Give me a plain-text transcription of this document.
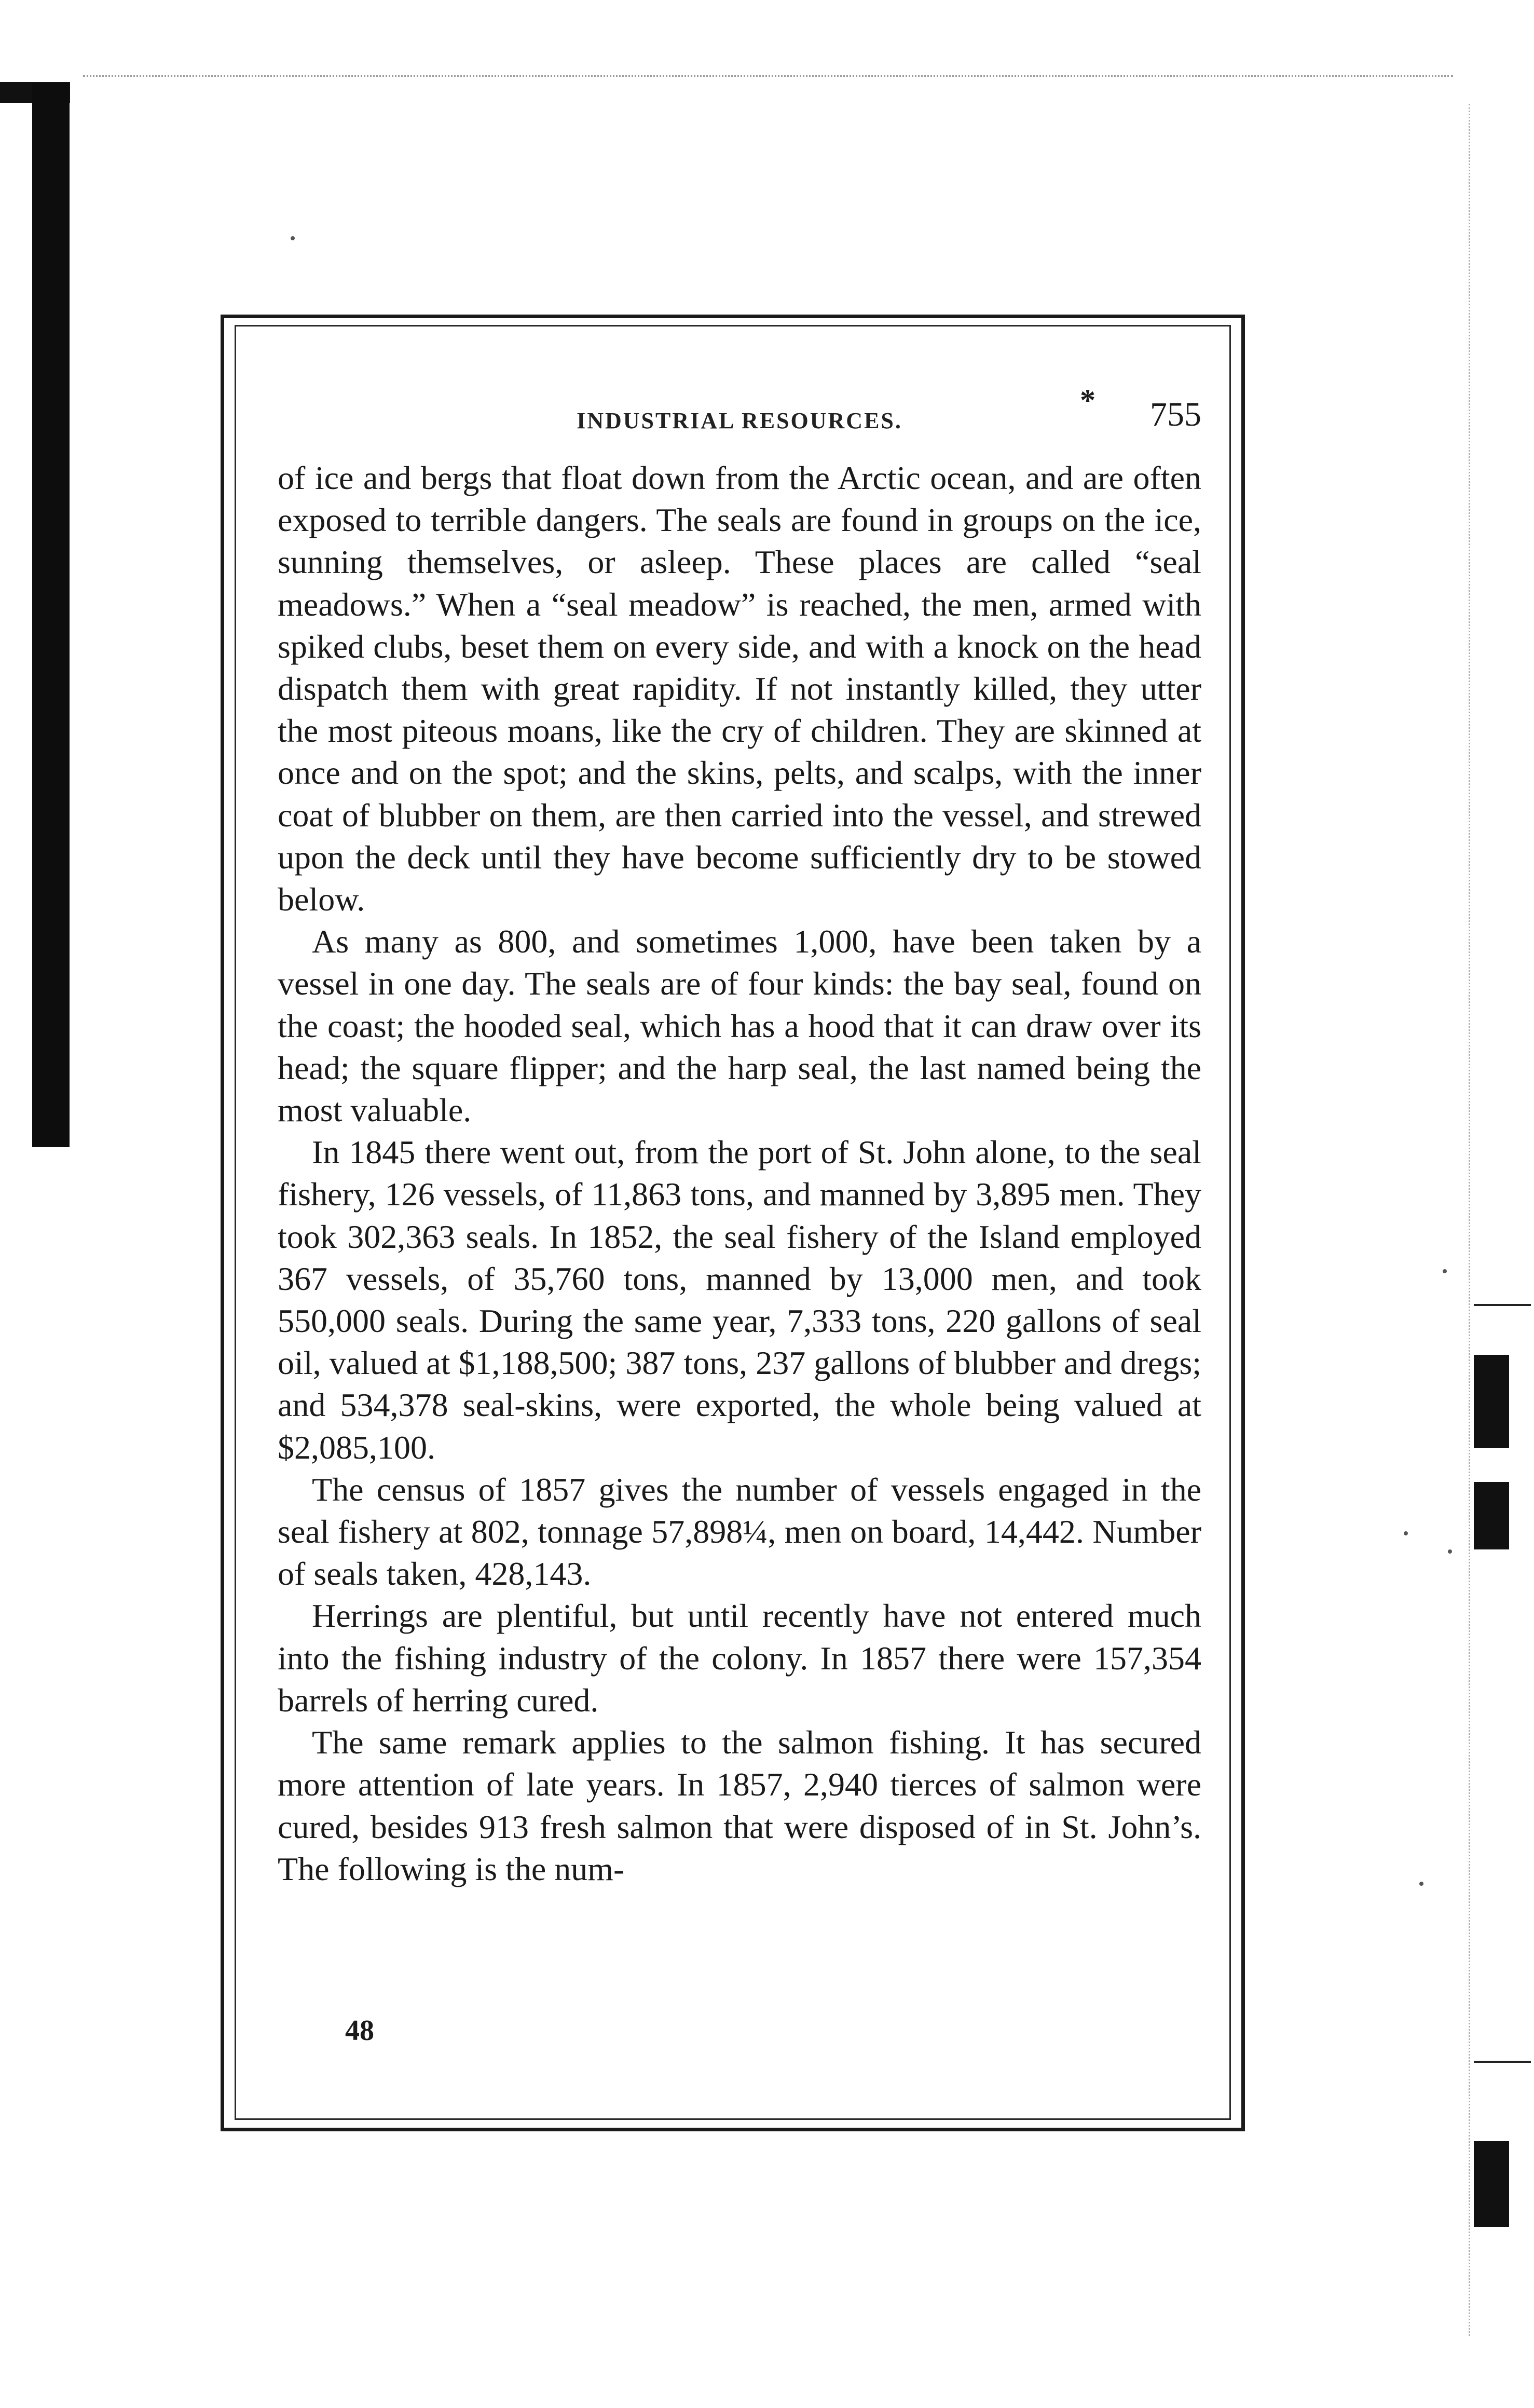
*
INDUSTRIAL RESOURCES.	755

of ice and bergs that float down from the Arctic ocean, and are often exposed to terrible dangers. The seals are found in groups on the ice, sunning themselves, or asleep. These places are called “seal meadows.” When a “seal meadow” is reached, the men, armed with spiked clubs, beset them on every side, and with a knock on the head dispatch them with great rapidity. If not instantly killed, they utter the most piteous moans, like the cry of children. They are skinned at once and on the spot; and the skins, pelts, and scalps, with the inner coat of blubber on them, are then carried into the vessel, and strewed upon the deck until they have become sufficiently dry to be stowed below.

As many as 800, and sometimes 1,000, have been taken by a vessel in one day. The seals are of four kinds: the bay seal, found on the coast; the hooded seal, which has a hood that it can draw over its head; the square flipper; and the harp seal, the last named being the most valuable.

In 1845 there went out, from the port of St. John alone, to the seal fishery, 126 vessels, of 11,863 tons, and manned by 3,895 men. They took 302,363 seals. In 1852, the seal fishery of the Island employed 367 vessels, of 35,760 tons, manned by 13,000 men, and took 550,000 seals. During the same year, 7,333 tons, 220 gallons of seal oil, valued at $1,188,500; 387 tons, 237 gallons of blubber and dregs; and 534,378 seal-skins, were exported, the whole being valued at $2,085,100.

The census of 1857 gives the number of vessels engaged in the seal fishery at 802, tonnage 57,898¼, men on board, 14,442. Number of seals taken, 428,143.

Herrings are plentiful, but until recently have not entered much into the fishing industry of the colony. In 1857 there were 157,354 barrels of herring cured.

The same remark applies to the salmon fishing. It has secured more attention of late years. In 1857, 2,940 tierces of salmon were cured, besides 913 fresh salmon that were disposed of in St. John’s. The following is the num-

48
